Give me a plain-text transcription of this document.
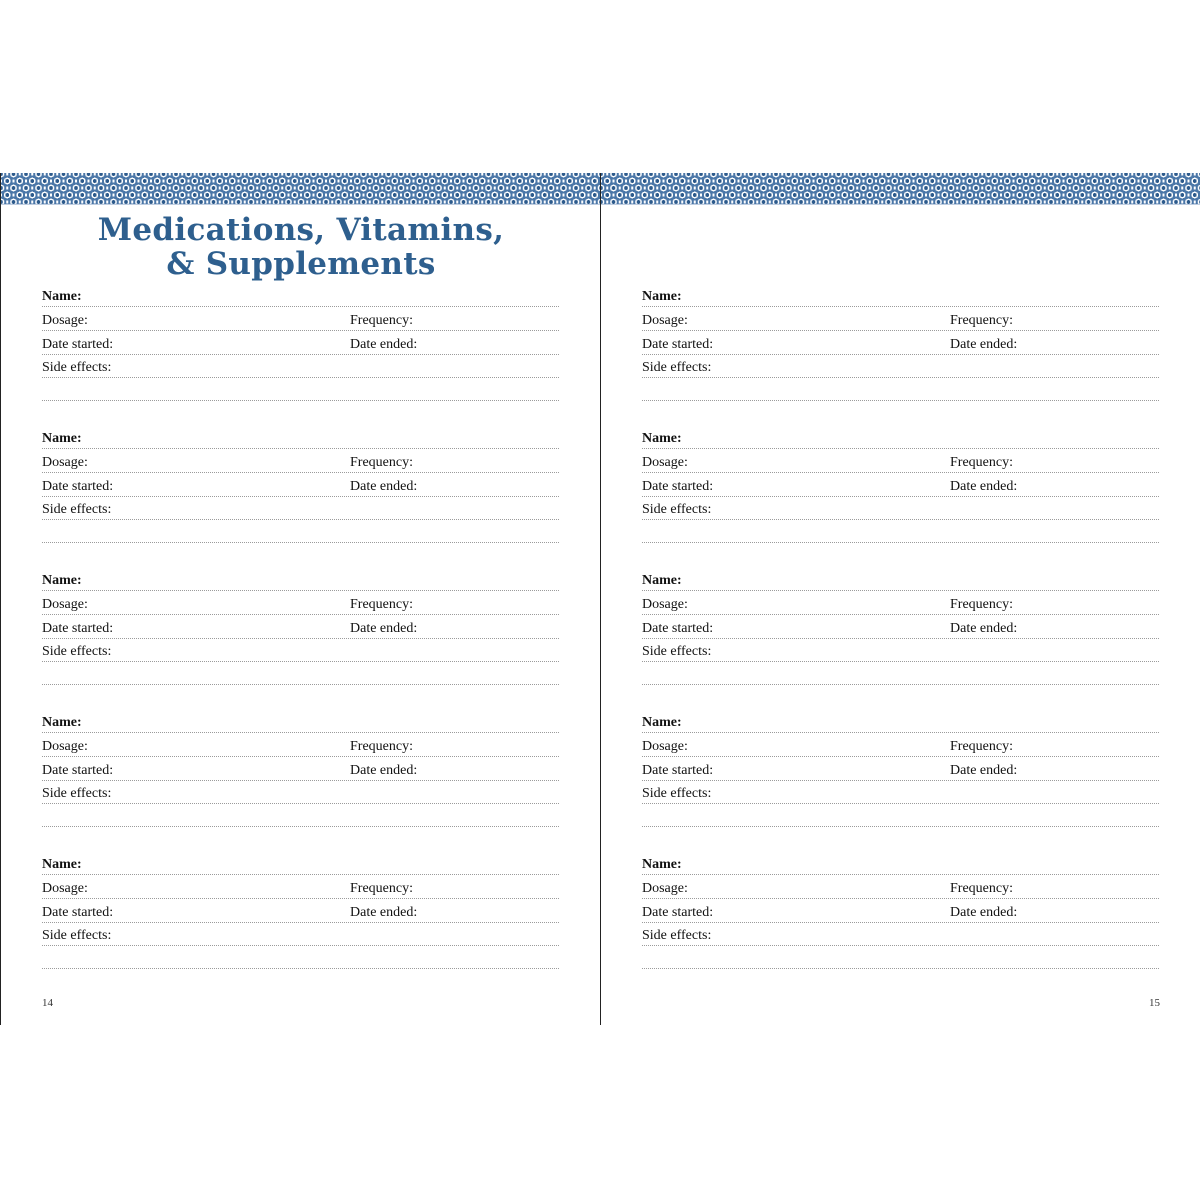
Medications, Vitamins,
& Supplements
Name:
Dosage:	Frequency:
Date started:	Date ended:
Side effects:
Name:
Dosage:	Frequency:
Date started:	Date ended:
Side effects:
Name:
Dosage:	Frequency:
Date started:	Date ended:
Side effects:
Name:
Dosage:	Frequency:
Date started:	Date ended:
Side effects:
Name:
Dosage:	Frequency:
Date started:	Date ended:
Side effects:
14
Name:
Dosage:	Frequency:
Date started:	Date ended:
Side effects:
Name:
Dosage:	Frequency:
Date started:	Date ended:
Side effects:
Name:
Dosage:	Frequency:
Date started:	Date ended:
Side effects:
Name:
Dosage:	Frequency:
Date started:	Date ended:
Side effects:
Name:
Dosage:	Frequency:
Date started:	Date ended:
Side effects:
15
